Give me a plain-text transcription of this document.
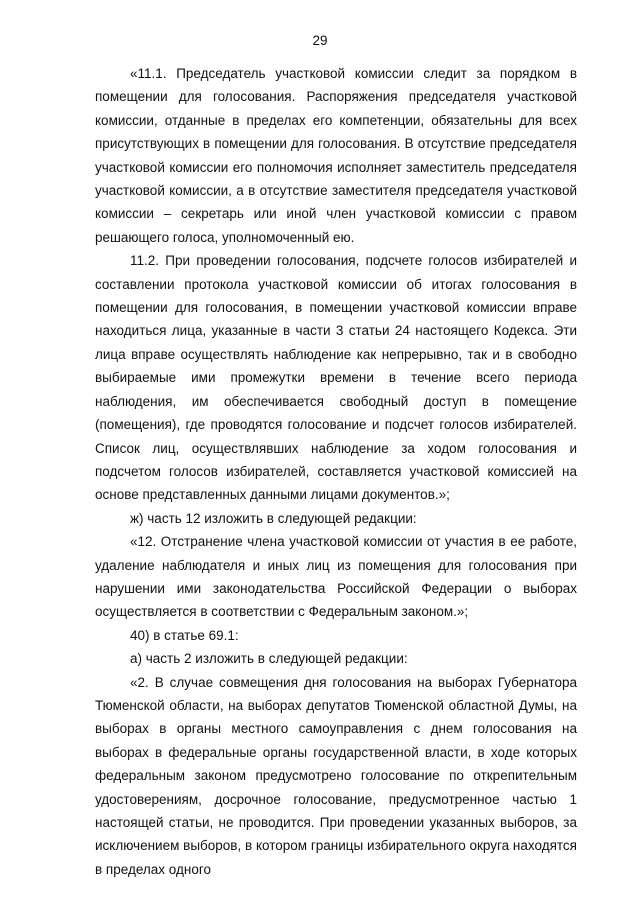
29

«11.1. Председатель участковой комиссии следит за порядком в помещении для голосования. Распоряжения председателя участковой комиссии, отданные в пределах его компетенции, обязательны для всех присутствующих в помещении для голосования. В отсутствие председателя участковой комиссии его полномочия исполняет заместитель председателя участковой комиссии, а в отсутствие заместителя председателя участковой комиссии – секретарь или иной член участковой комиссии с правом решающего голоса, уполномоченный ею.

11.2. При проведении голосования, подсчете голосов избирателей и составлении протокола участковой комиссии об итогах голосования в помещении для голосования, в помещении участковой комиссии вправе находиться лица, указанные в части 3 статьи 24 настоящего Кодекса. Эти лица вправе осуществлять наблюдение как непрерывно, так и в свободно выбираемые ими промежутки времени в течение всего периода наблюдения, им обеспечивается свободный доступ в помещение (помещения), где проводятся голосование и подсчет голосов избирателей. Список лиц, осуществлявших наблюдение за ходом голосования и подсчетом голосов избирателей, составляется участковой комиссией на основе представленных данными лицами документов.»;

ж) часть 12 изложить в следующей редакции:

«12. Отстранение члена участковой комиссии от участия в ее работе, удаление наблюдателя и иных лиц из помещения для голосования при нарушении ими законодательства Российской Федерации о выборах осуществляется в соответствии с Федеральным законом.»;

40) в статье 69.1:

а) часть 2 изложить в следующей редакции:

«2. В случае совмещения дня голосования на выборах Губернатора Тюменской области, на выборах депутатов Тюменской областной Думы, на выборах в органы местного самоуправления с днем голосования на выборах в федеральные органы государственной власти, в ходе которых федеральным законом предусмотрено голосование по открепительным удостоверениям, досрочное голосование, предусмотренное частью 1 настоящей статьи, не проводится. При проведении указанных выборов, за исключением выборов, в котором границы избирательного округа находятся в пределах одного
